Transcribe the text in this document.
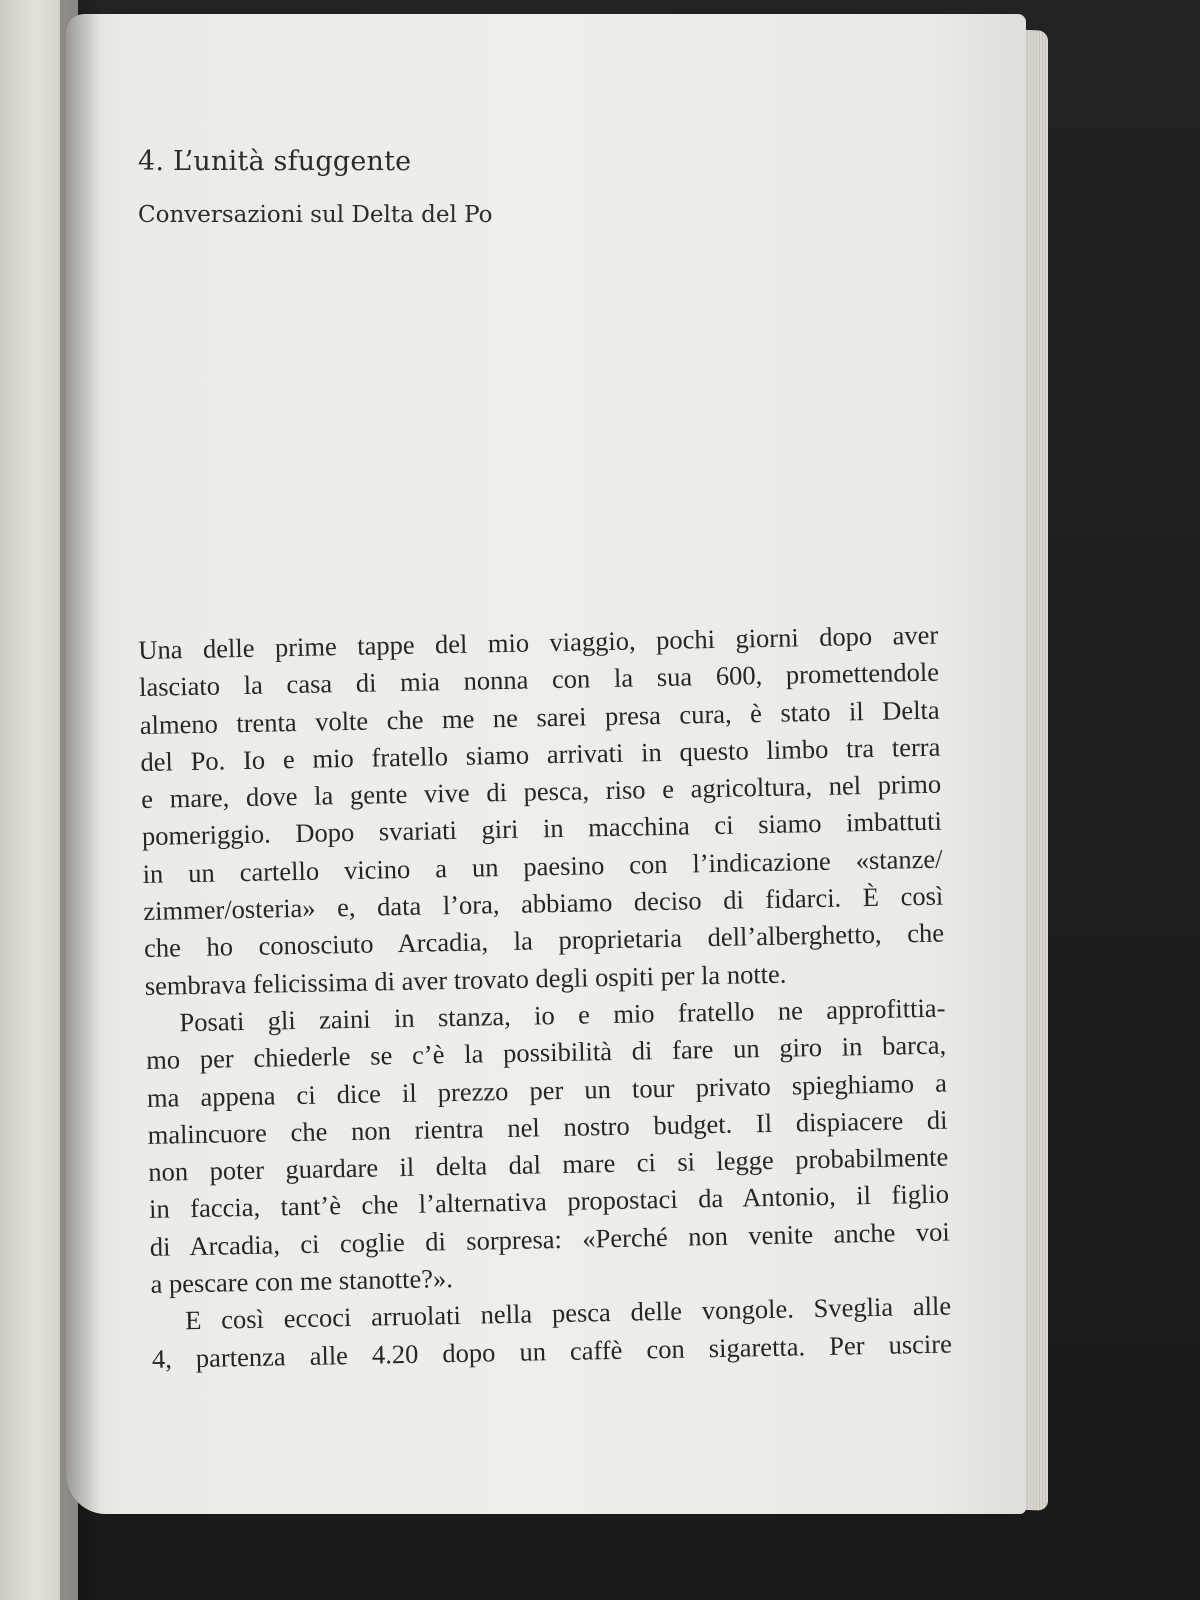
4. L’unità sfuggente
Conversazioni sul Delta del Po

Una delle prime tappe del mio viaggio, pochi giorni dopo aver
lasciato la casa di mia nonna con la sua 600, promettendole
almeno trenta volte che me ne sarei presa cura, è stato il Delta
del Po. Io e mio fratello siamo arrivati in questo limbo tra terra
e mare, dove la gente vive di pesca, riso e agricoltura, nel primo
pomeriggio. Dopo svariati giri in macchina ci siamo imbattuti
in un cartello vicino a un paesino con l’indicazione «stanze/
zimmer/osteria» e, data l’ora, abbiamo deciso di fidarci. È così
che ho conosciuto Arcadia, la proprietaria dell’alberghetto, che
sembrava felicissima di aver trovato degli ospiti per la notte.

Posati gli zaini in stanza, io e mio fratello ne approfittia-

mo per chiederle se c’è la possibilità di fare un giro in barca,
ma appena ci dice il prezzo per un tour privato spieghiamo a
malincuore che non rientra nel nostro budget. Il dispiacere di
non poter guardare il delta dal mare ci si legge probabilmente
in faccia, tant’è che l’alternativa propostaci da Antonio, il figlio
di Arcadia, ci coglie di sorpresa: «Perché non venite anche voi
a pescare con me stanotte?».

E così eccoci arruolati nella pesca delle vongole. Sveglia alle

4, partenza alle 4.20 dopo un caffè con sigaretta. Per uscire
